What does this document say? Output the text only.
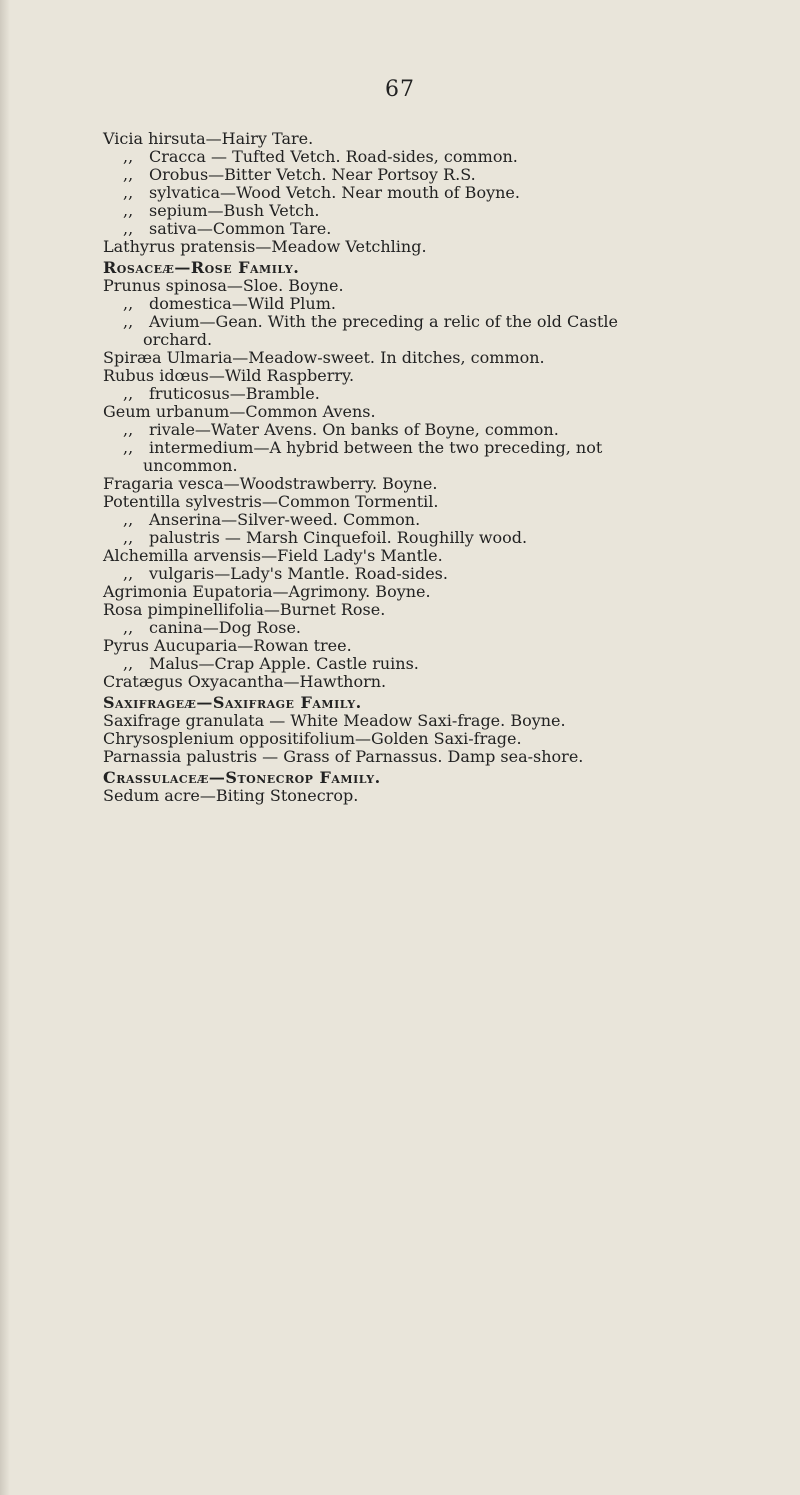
67

Vicia hirsuta—Hairy Tare.

,, Cracca — Tufted Vetch. Road-sides, common.

,, Orobus—Bitter Vetch. Near Portsoy R.S.

,, sylvatica—Wood Vetch. Near mouth of Boyne.

,, sepium—Bush Vetch.

,, sativa—Common Tare.

Lathyrus pratensis—Meadow Vetchling.

Rosaceæ—Rose Family.

Prunus spinosa—Sloe. Boyne.

,, domestica—Wild Plum.

,, Avium—Gean. With the preceding a relic of the old Castle orchard.

Spiræa Ulmaria—Meadow-sweet. In ditches, common.

Rubus idœus—Wild Raspberry.

,, fruticosus—Bramble.

Geum urbanum—Common Avens.

,, rivale—Water Avens. On banks of Boyne, common.

,, intermedium—A hybrid between the two preceding, not uncommon.

Fragaria vesca—Woodstrawberry. Boyne.

Potentilla sylvestris—Common Tormentil.

,, Anserina—Silver-weed. Common.

,, palustris — Marsh Cinquefoil. Roughilly wood.

Alchemilla arvensis—Field Lady's Mantle.

,, vulgaris—Lady's Mantle. Road-sides.

Agrimonia Eupatoria—Agrimony. Boyne.

Rosa pimpinellifolia—Burnet Rose.

,, canina—Dog Rose.

Pyrus Aucuparia—Rowan tree.

,, Malus—Crap Apple. Castle ruins.

Cratægus Oxyacantha—Hawthorn.

Saxifrageæ—Saxifrage Family.

Saxifrage granulata — White Meadow Saxi-frage. Boyne.

Chrysosplenium oppositifolium—Golden Saxi-frage.

Parnassia palustris — Grass of Parnassus. Damp sea-shore.

Crassulaceæ—Stonecrop Family.

Sedum acre—Biting Stonecrop.
